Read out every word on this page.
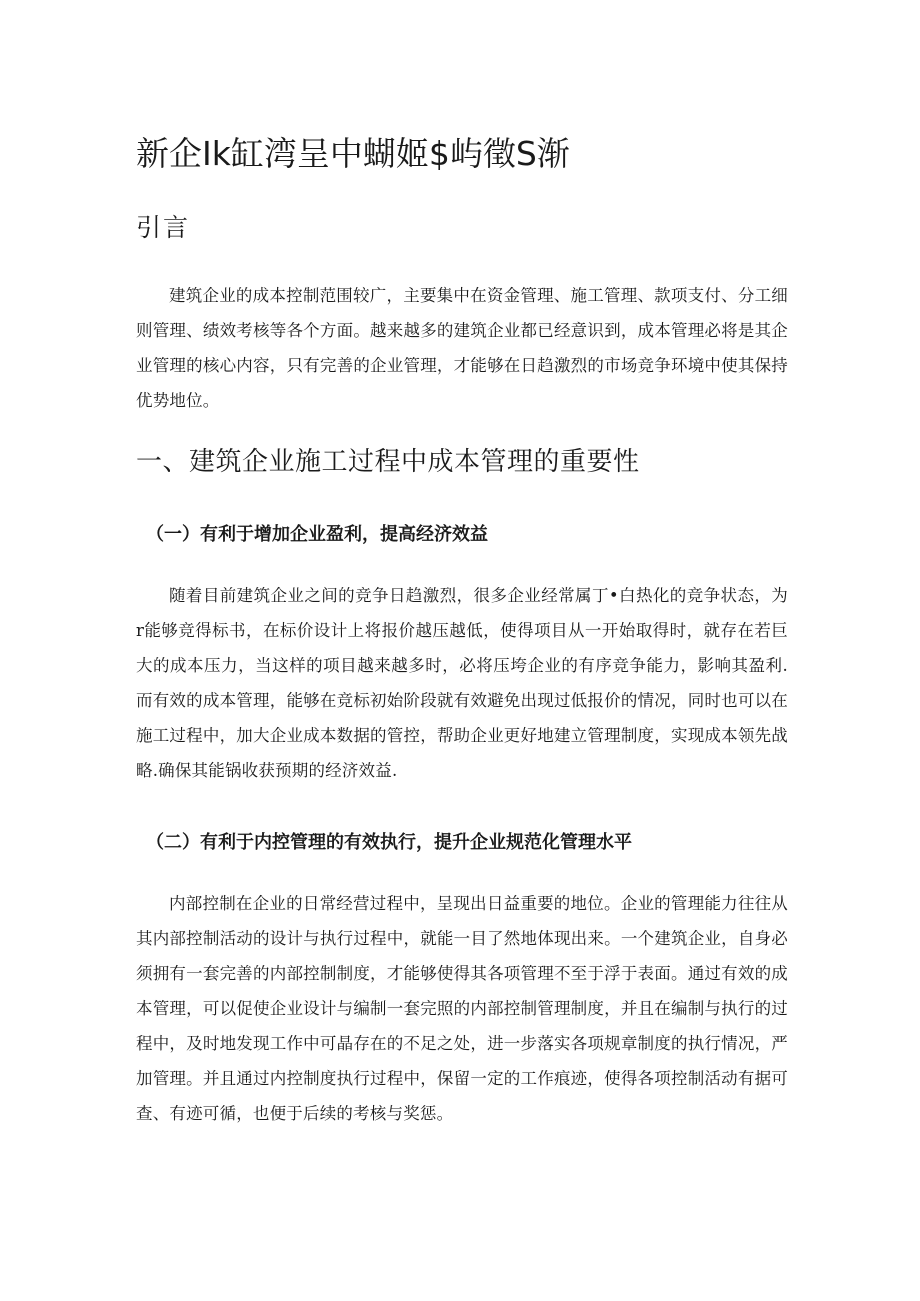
新企Ik缸湾呈中蝴姬$屿徵S渐
引言

建筑企业的成本控制范围较广，主要集中在资金管理、施工管理、款项支付、分工细则管理、绩效考核等各个方面。越来越多的建筑企业都已经意识到，成本管理必将是其企业管理的核心内容，只有完善的企业管理，才能够在日趋激烈的市场竞争环境中使其保持优势地位。

一、建筑企业施工过程中成本管理的重要性
（一）有利于增加企业盈利，提高经济效益

随着目前建筑企业之间的竞争日趋激烈，很多企业经常属丁•白热化的竞争状态，为r能够竞得标书，在标价设计上将报价越压越低，使得项目从一开始取得时，就存在若巨大的成本压力，当这样的项目越来越多时，必将压垮企业的有序竞争能力，影响其盈利.而有效的成本管理，能够在竞标初始阶段就有效避免出现过低报价的情况，同时也可以在施工过程中，加大企业成本数据的管控，帮助企业更好地建立管理制度，实现成本领先战略.确保其能锅收获预期的经济效益.

（二）有利于内控管理的有效执行，提升企业规范化管理水平

内部控制在企业的日常经营过程中，呈现出日益重要的地位。企业的管理能力往往从其内部控制活动的设计与执行过程中，就能一目了然地体现出来。一个建筑企业，自身必须拥有一套完善的内部控制制度，才能够使得其各项管理不至于浮于表面。通过有效的成本管理，可以促使企业设计与编制一套完照的内部控制管理制度，并且在编制与执行的过程中，及时地发现工作中可晶存在的不足之处，进一步落实各项规章制度的执行情况，严加管理。并且通过内控制度执行过程中，保留一定的工作痕迹，使得各项控制活动有据可查、有迹可循，也便于后续的考核与奖惩。
